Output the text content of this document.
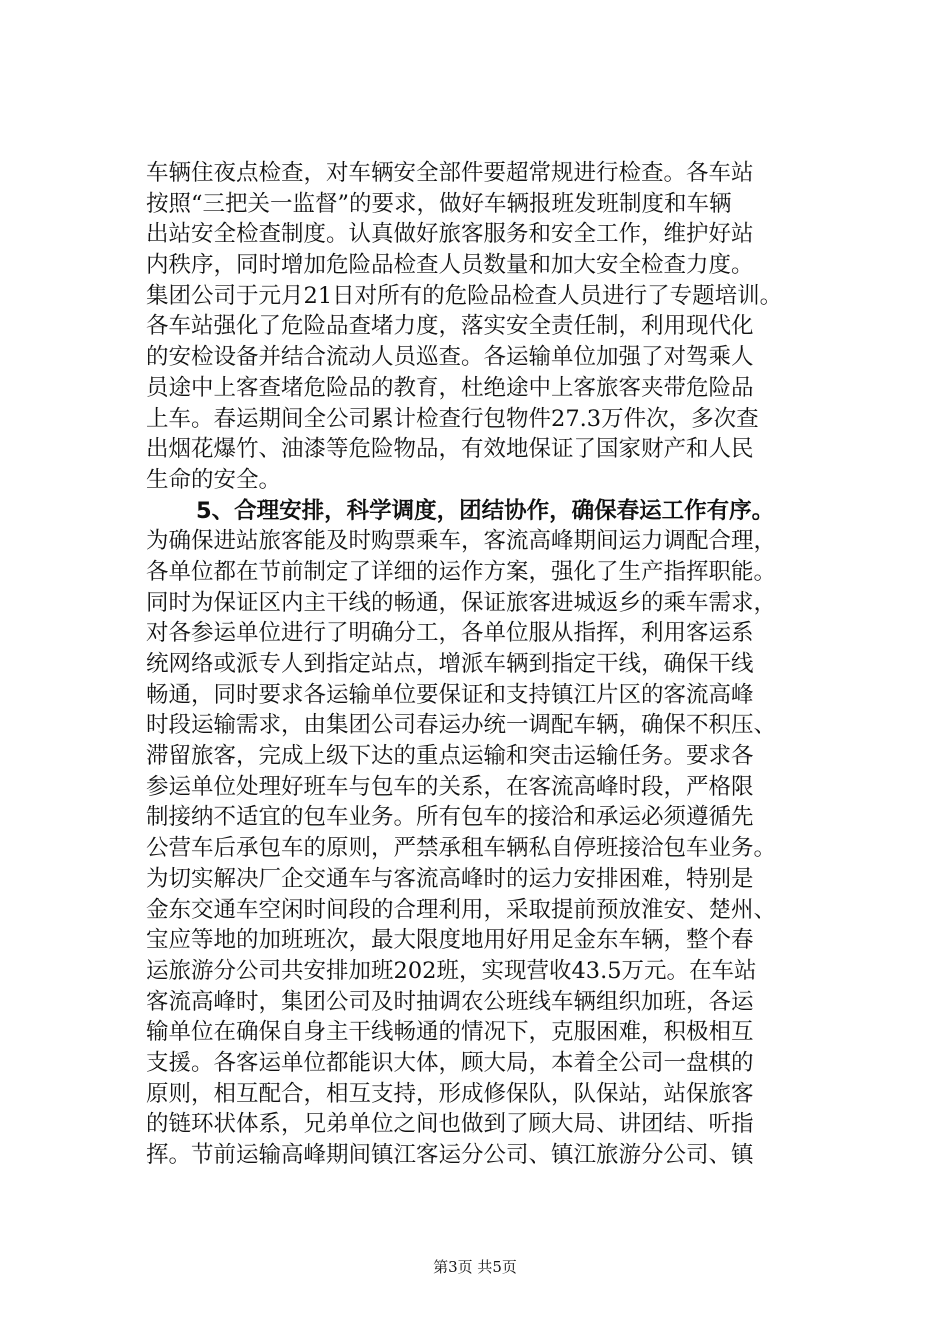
车辆住夜点检查，对车辆安全部件要超常规进行检查。各车站
按照“三把关一监督”的要求，做好车辆报班发班制度和车辆
出站安全检查制度。认真做好旅客服务和安全工作，维护好站
内秩序，同时增加危险品检查人员数量和加大安全检查力度。
集团公司于元月21日对所有的危险品检查人员进行了专题培训。
各车站强化了危险品查堵力度，落实安全责任制，利用现代化
的安检设备并结合流动人员巡查。各运输单位加强了对驾乘人
员途中上客查堵危险品的教育，杜绝途中上客旅客夹带危险品
上车。春运期间全公司累计检查行包物件27.3万件次，多次查
出烟花爆竹、油漆等危险物品，有效地保证了国家财产和人民
生命的安全。
5、合理安排，科学调度，团结协作，确保春运工作有序。
为确保进站旅客能及时购票乘车，客流高峰期间运力调配合理，
各单位都在节前制定了详细的运作方案，强化了生产指挥职能。
同时为保证区内主干线的畅通，保证旅客进城返乡的乘车需求，
对各参运单位进行了明确分工，各单位服从指挥，利用客运系
统网络或派专人到指定站点，增派车辆到指定干线，确保干线
畅通，同时要求各运输单位要保证和支持镇江片区的客流高峰
时段运输需求，由集团公司春运办统一调配车辆，确保不积压、
滞留旅客，完成上级下达的重点运输和突击运输任务。要求各
参运单位处理好班车与包车的关系，在客流高峰时段，严格限
制接纳不适宜的包车业务。所有包车的接洽和承运必须遵循先
公营车后承包车的原则，严禁承租车辆私自停班接洽包车业务。
为切实解决厂企交通车与客流高峰时的运力安排困难，特别是
金东交通车空闲时间段的合理利用，采取提前预放淮安、楚州、
宝应等地的加班班次，最大限度地用好用足金东车辆，整个春
运旅游分公司共安排加班202班，实现营收43.5万元。在车站
客流高峰时，集团公司及时抽调农公班线车辆组织加班，各运
输单位在确保自身主干线畅通的情况下，克服困难，积极相互
支援。各客运单位都能识大体，顾大局，本着全公司一盘棋的
原则，相互配合，相互支持，形成修保队，队保站，站保旅客
的链环状体系，兄弟单位之间也做到了顾大局、讲团结、听指
挥。节前运输高峰期间镇江客运分公司、镇江旅游分公司、镇
第3页 共5页
